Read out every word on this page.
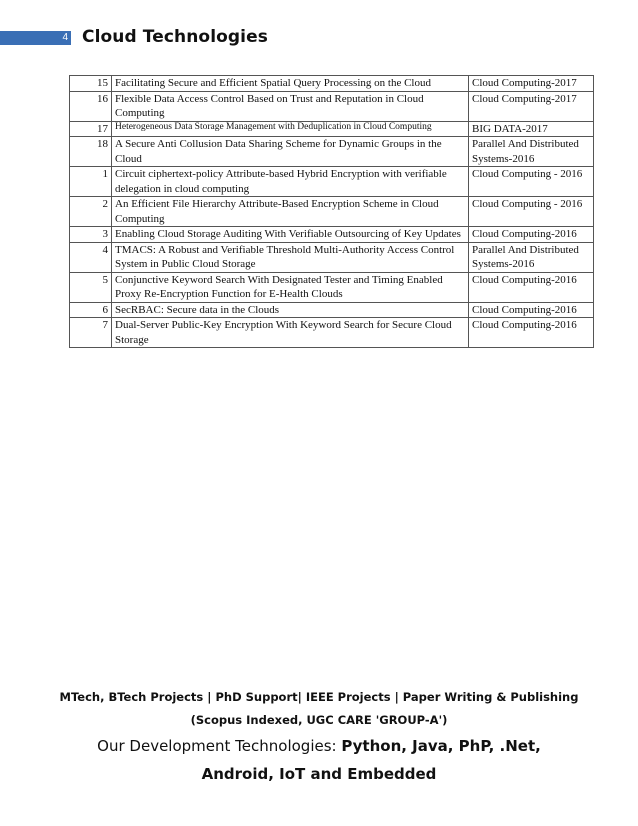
4 Cloud Technologies
15	Facilitating Secure and Efficient Spatial Query Processing on the Cloud	Cloud Computing-2017
16	Flexible Data Access Control Based on Trust and Reputation in Cloud Computing	Cloud Computing-2017
17	Heterogeneous Data Storage Management with Deduplication in Cloud Computing	BIG DATA-2017
18	A Secure Anti Collusion Data Sharing Scheme for Dynamic Groups in the Cloud	Parallel And Distributed Systems-2016
1	Circuit ciphertext-policy Attribute-based Hybrid Encryption with verifiable delegation in cloud computing	Cloud Computing - 2016
2	An Efficient File Hierarchy Attribute-Based Encryption Scheme in Cloud Computing	Cloud Computing - 2016
3	Enabling Cloud Storage Auditing With Verifiable Outsourcing of Key Updates	Cloud Computing-2016
4	TMACS: A Robust and Verifiable Threshold Multi-Authority Access Control System in Public Cloud Storage	Parallel And Distributed Systems-2016
5	Conjunctive Keyword Search With Designated Tester and Timing Enabled Proxy Re-Encryption Function for E-Health Clouds	Cloud Computing-2016
6	SecRBAC: Secure data in the Clouds	Cloud Computing-2016
7	Dual-Server Public-Key Encryption With Keyword Search for Secure Cloud Storage	Cloud Computing-2016
MTech, BTech Projects | PhD Support| IEEE Projects | Paper Writing & Publishing
(Scopus Indexed, UGC CARE 'GROUP-A')
Our Development Technologies: Python, Java, PhP, .Net,
Android, IoT and Embedded
